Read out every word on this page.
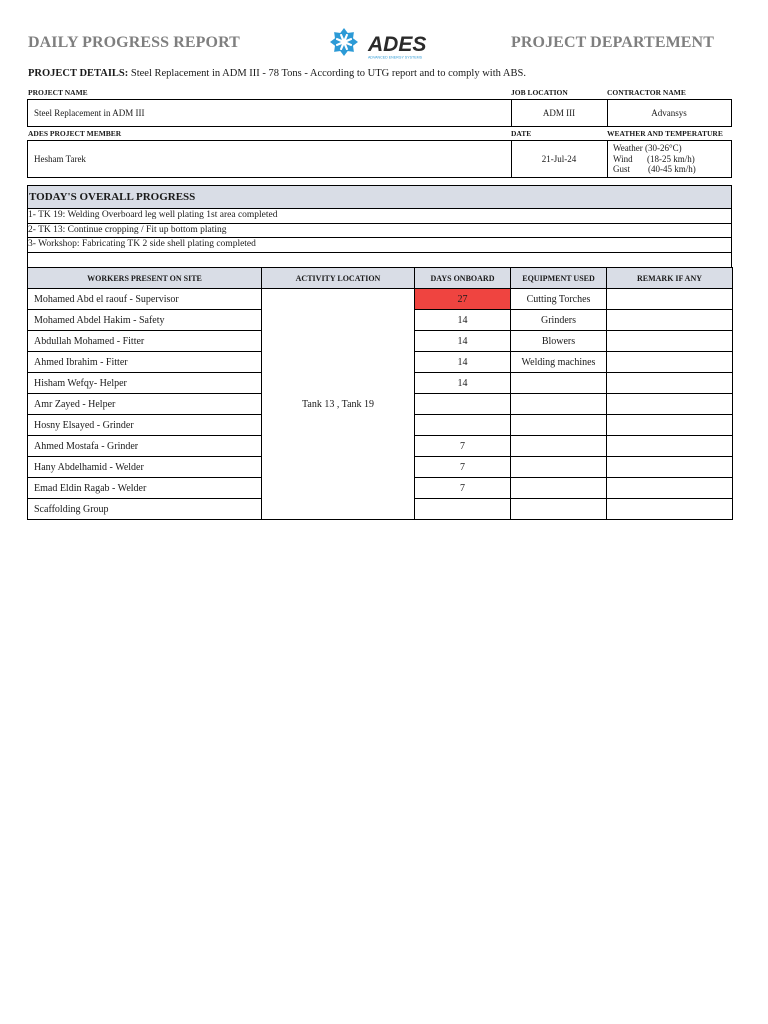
DAILY PROGRESS REPORT	ADES
ADVANCED ENERGY SYSTEMS
PROJECT DEPARTEMENT
PROJECT DETAILS: Steel Replacement in ADM III - 78 Tons - According to UTG report and to comply with ABS.
PROJECT NAME	JOB LOCATION	CONTRACTOR NAME
Steel Replacement in ADM III	ADM III	Advansys
ADES PROJECT MEMBER	DATE	WEATHER AND TEMPERATURE
Hesham Tarek	21-Jul-24
Weather (30-26°C)
Wind	(18-25 km/h)
Gust	(40-45 km/h)
TODAY'S OVERALL PROGRESS
1- TK 19: Welding Overboard leg well plating 1st area completed
2- TK 13: Continue cropping / Fit up bottom plating
3- Workshop: Fabricating TK 2 side shell plating completed
WORKERS PRESENT ON SITE	ACTIVITY LOCATION	DAYS ONBOARD	EQUIPMENT USED	REMARK IF ANY
Mohamed Abd el raouf - Supervisor	Tank 13 , Tank 19	27	Cutting Torches	
Mohamed Abdel Hakim - Safety		14	Grinders	
Abdullah Mohamed - Fitter		14	Blowers	
Ahmed Ibrahim - Fitter		14	Welding machines	
Hisham Wefqy- Helper		14		
Amr Zayed - Helper				
Hosny Elsayed - Grinder				
Ahmed Mostafa - Grinder		7		
Hany Abdelhamid - Welder		7		
Emad Eldin Ragab - Welder		7		
Scaffolding Group				
